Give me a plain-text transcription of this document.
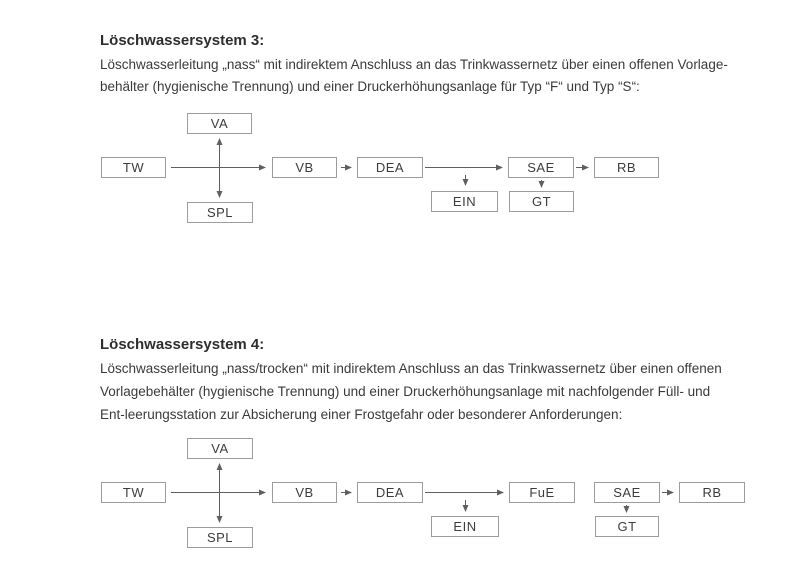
Löschwassersystem 3:
Löschwasserleitung „nass“ mit indirektem Anschluss an das Trinkwassernetz über einen offenen Vorlage-
behälter (hygienische Trennung) und einer Druckerhöhungsanlage für Typ “F“ und Typ “S“:
TW
VA
SPL
VB	DEA
EIN
SAE
GT
RB
Löschwassersystem 4:
Löschwasserleitung „nass/trocken“ mit indirektem Anschluss an das Trinkwassernetz über einen offenen
Vorlagebehälter (hygienische Trennung) und einer Druckerhöhungsanlage mit nachfolgender Füll- und
Ent-leerungsstation zur Absicherung einer Frostgefahr oder besonderer Anforderungen:
TW
VA
SPL
VB	DEA
EIN
FuE	SAE
GT
RB
